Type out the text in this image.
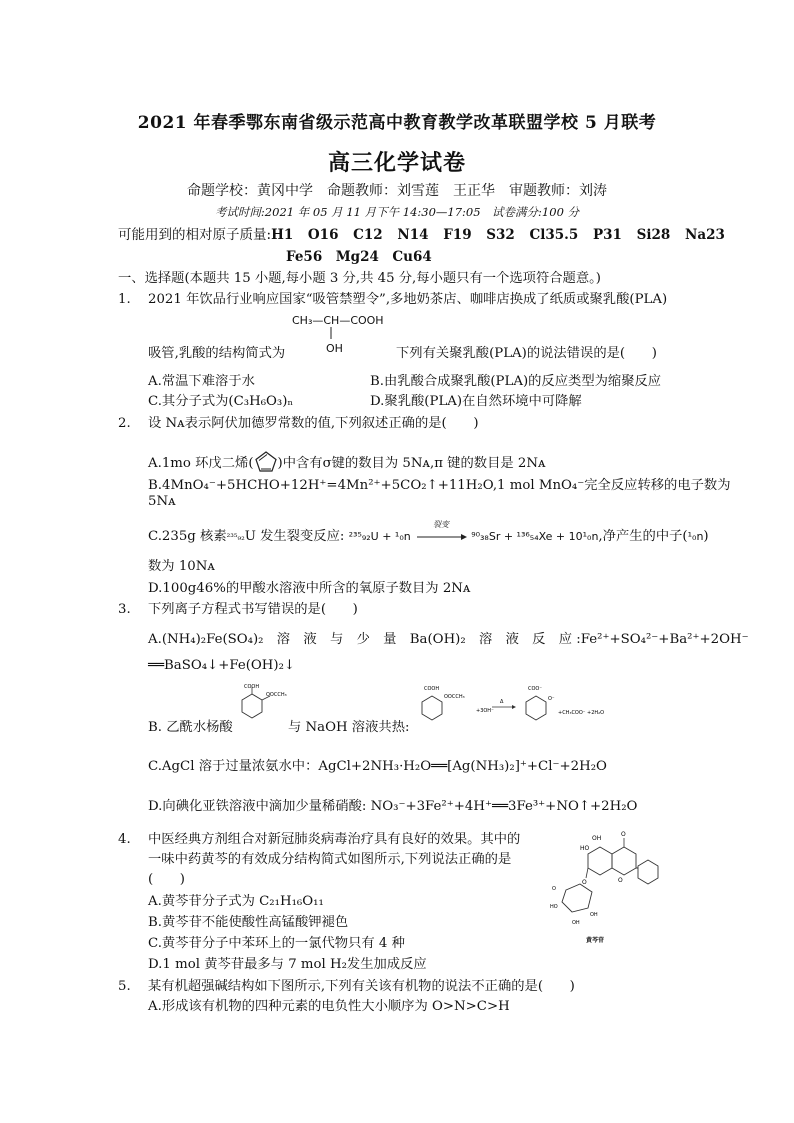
2021 年春季鄂东南省级示范高中教育教学改革联盟学校 5 月联考
高三化学试卷
命题学校：黄冈中学　命题教师：刘雪莲　王正华　审题教师：刘涛
考试时间:2021 年 05 月 11 月下午 14:30—17:05　试卷满分:100 分
可能用到的相对原子质量:H1 O16 C12 N14 F19 S32 Cl35.5 P31 Si28 Na23
Fe56　Mg24　Cu64
一、选择题(本题共 15 小题,每小题 3 分,共 45 分,每小题只有一个选项符合题意。)
1. 2021 年饮品行业响应国家“吸管禁塑令”,多地奶茶店、咖啡店换成了纸质或聚乳酸(PLA)
CH₃—CH—COOH
吸管,乳酸的结构简式为	OH	下列有关聚乳酸(PLA)的说法错误的是(　　)
A.常温下难溶于水	B.由乳酸合成聚乳酸(PLA)的反应类型为缩聚反应
C.其分子式为(C₃H₆O₃)ₙ	D.聚乳酸(PLA)在自然环境中可降解
2. 设 Nᴀ表示阿伏加德罗常数的值,下列叙述正确的是(　　)
A.1mo 环戊二烯( )中含有σ键的数目为 5Nᴀ,π 键的数目是 2Nᴀ
B.4MnO₄⁻+5HCHO+12H⁺=4Mn²⁺+5CO₂↑+11H₂O,1 mol MnO₄⁻完全反应转移的电子数为
5Nᴀ
C.235g 核素²³⁵₉₂U 发生裂变反应: ²³⁵₉₂U + ¹₀n
裂变
⁹⁰₃₈Sr + ¹³⁶₅₄Xe + 10¹₀n,净产生的中子(¹₀n)
数为 10Nᴀ
D.100g46%的甲酸水溶液中所含的氧原子数目为 2Nᴀ
3. 下列离子方程式书写错误的是(　　)
A.(NH₄)₂Fe(SO₄)₂　溶　液　与　少　量　Ba(OH)₂　溶　液　反　应 :Fe²⁺+SO₄²⁻+Ba²⁺+2OH⁻
══BaSO₄↓+Fe(OH)₂↓
B. 乙酰水杨酸
COOH
OOCCH₃
与 NaOH 溶液共热:
COOH
OOCCH₃
+3OH⁻
Δ
COO⁻
O⁻
+CH₃COO⁻ +2H₂O
C.AgCl 溶于过量浓氨水中：AgCl+2NH₃·H₂O══[Ag(NH₃)₂]⁺+Cl⁻+2H₂O
D.向碘化亚铁溶液中滴加少量稀硝酸: NO₃⁻+3Fe²⁺+4H⁺══3Fe³⁺+NO↑+2H₂O
4. 中医经典方剂组合对新冠肺炎病毒治疗具有良好的效果。其中的
一味中药黄芩的有效成分结构简式如图所示,下列说法正确的是
(　　)
A.黄芩苷分子式为 C₂₁H₁₆O₁₁
B.黄芩苷不能使酸性高锰酸钾褪色
C.黄芩苷分子中苯环上的一氯代物只有 4 种
D.1 mol 黄芩苷最多与 7 mol H₂发生加成反应
O
O
HO
OH
O
HO
OH
OH
O
黄芩苷
5. 某有机超强碱结构如下图所示,下列有关该有机物的说法不正确的是(　　)
A.形成该有机物的四种元素的电负性大小顺序为 O>N>C>H
